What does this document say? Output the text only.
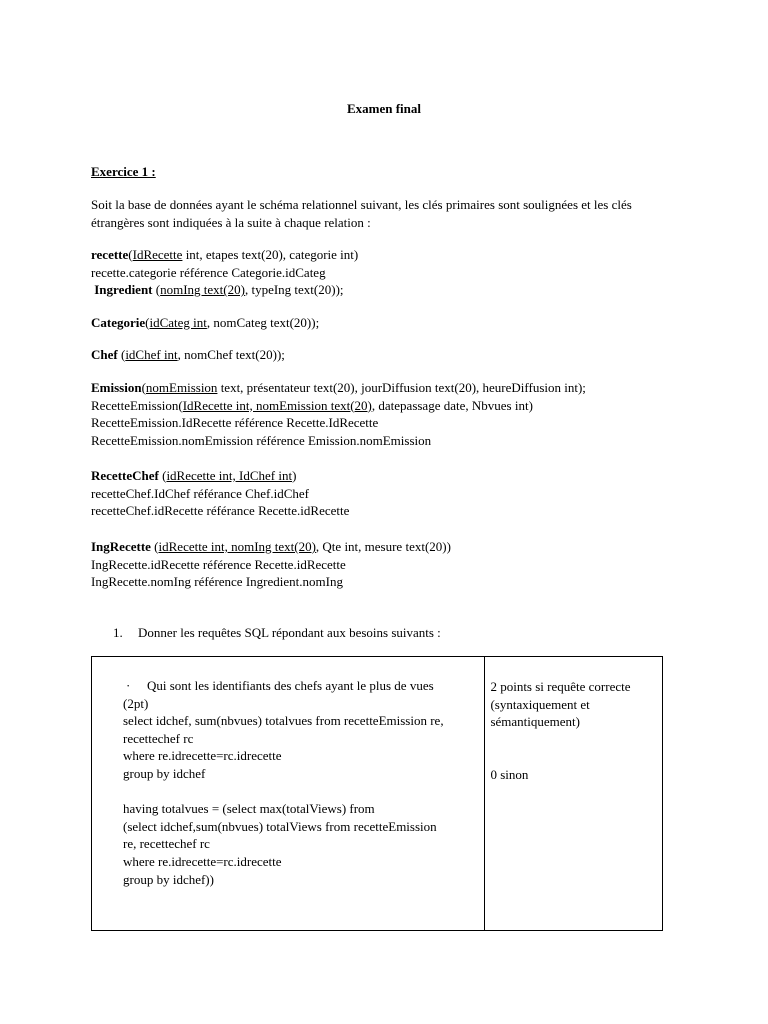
Examen final
Exercice 1 :
Soit la base de données ayant le schéma relationnel suivant, les clés primaires sont soulignées et les clés étrangères sont indiquées à la suite à chaque relation :
recette(IdRecette int, etapes text(20), categorie int)
recette.categorie référence Categorie.idCateg
Ingredient (nomIng text(20), typeIng text(20));
Categorie(idCateg int, nomCateg text(20));
Chef (idChef int, nomChef text(20));
Emission(nomEmission text, présentateur text(20), jourDiffusion text(20), heureDiffusion int);
RecetteEmission(IdRecette int, nomEmission text(20), datepassage date, Nbvues int)
RecetteEmission.IdRecette référence Recette.IdRecette
RecetteEmission.nomEmission référence Emission.nomEmission
RecetteChef (idRecette int, IdChef int)
recetteChef.IdChef référance Chef.idChef
recetteChef.idRecette référance Recette.idRecette
IngRecette (idRecette int, nomIng text(20), Qte int, mesure text(20))
IngRecette.idRecette référence Recette.idRecette
IngRecette.nomIng référence Ingredient.nomIng
1. Donner les requêtes SQL répondant aux besoins suivants :
· Qui sont les identifiants des chefs ayant le plus de vues
(2pt)
select idchef, sum(nbvues) totalvues from recetteEmission re,
recettechef rc
where re.idrecette=rc.idrecette
group by idchef
having totalvues = (select max(totalViews) from
(select idchef,sum(nbvues) totalViews from recetteEmission
re, recettechef rc
where re.idrecette=rc.idrecette
group by idchef))

2 points si requête correcte
(syntaxiquement et
sémantiquement)
0 sinon
